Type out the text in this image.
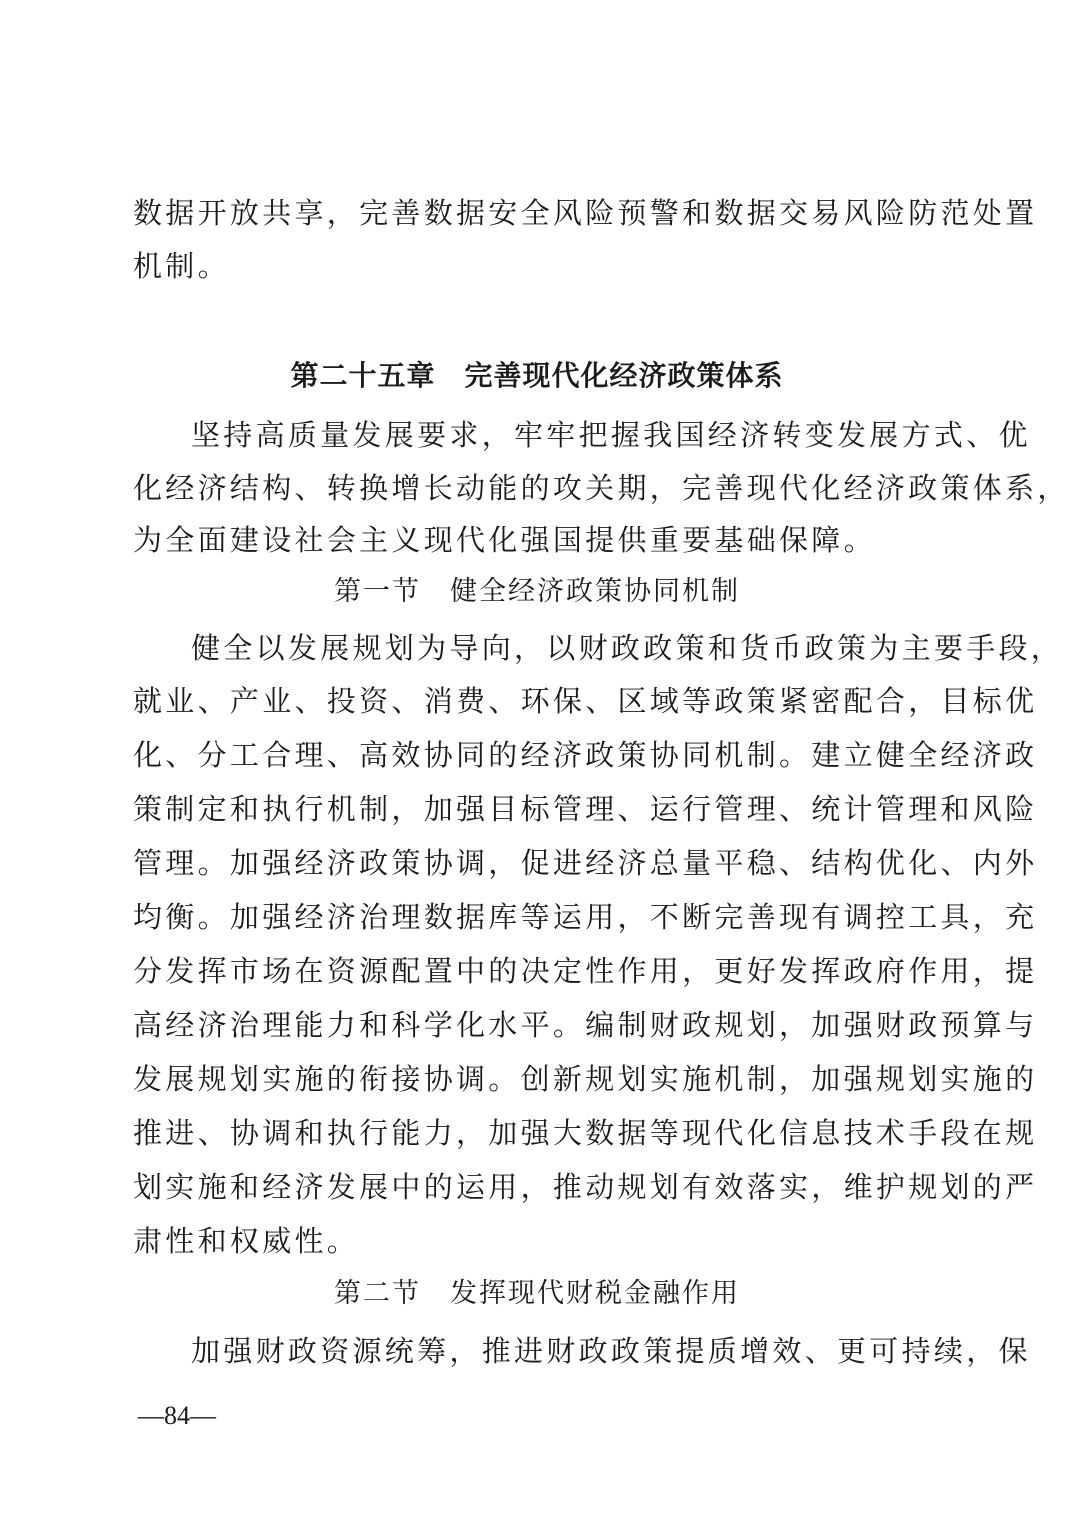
数据开放共享，完善数据安全风险预警和数据交易风险防范处置
机制。
第二十五章　完善现代化经济政策体系
坚持高质量发展要求，牢牢把握我国经济转变发展方式、优
化经济结构、转换增长动能的攻关期，完善现代化经济政策体系，
为全面建设社会主义现代化强国提供重要基础保障。
第一节　健全经济政策协同机制
健全以发展规划为导向，以财政政策和货币政策为主要手段，
就业、产业、投资、消费、环保、区域等政策紧密配合，目标优
化、分工合理、高效协同的经济政策协同机制。建立健全经济政
策制定和执行机制，加强目标管理、运行管理、统计管理和风险
管理。加强经济政策协调，促进经济总量平稳、结构优化、内外
均衡。加强经济治理数据库等运用，不断完善现有调控工具，充
分发挥市场在资源配置中的决定性作用，更好发挥政府作用，提
高经济治理能力和科学化水平。编制财政规划，加强财政预算与
发展规划实施的衔接协调。创新规划实施机制，加强规划实施的
推进、协调和执行能力，加强大数据等现代化信息技术手段在规
划实施和经济发展中的运用，推动规划有效落实，维护规划的严
肃性和权威性。
第二节　发挥现代财税金融作用
加强财政资源统筹，推进财政政策提质增效、更可持续，保
—84—
